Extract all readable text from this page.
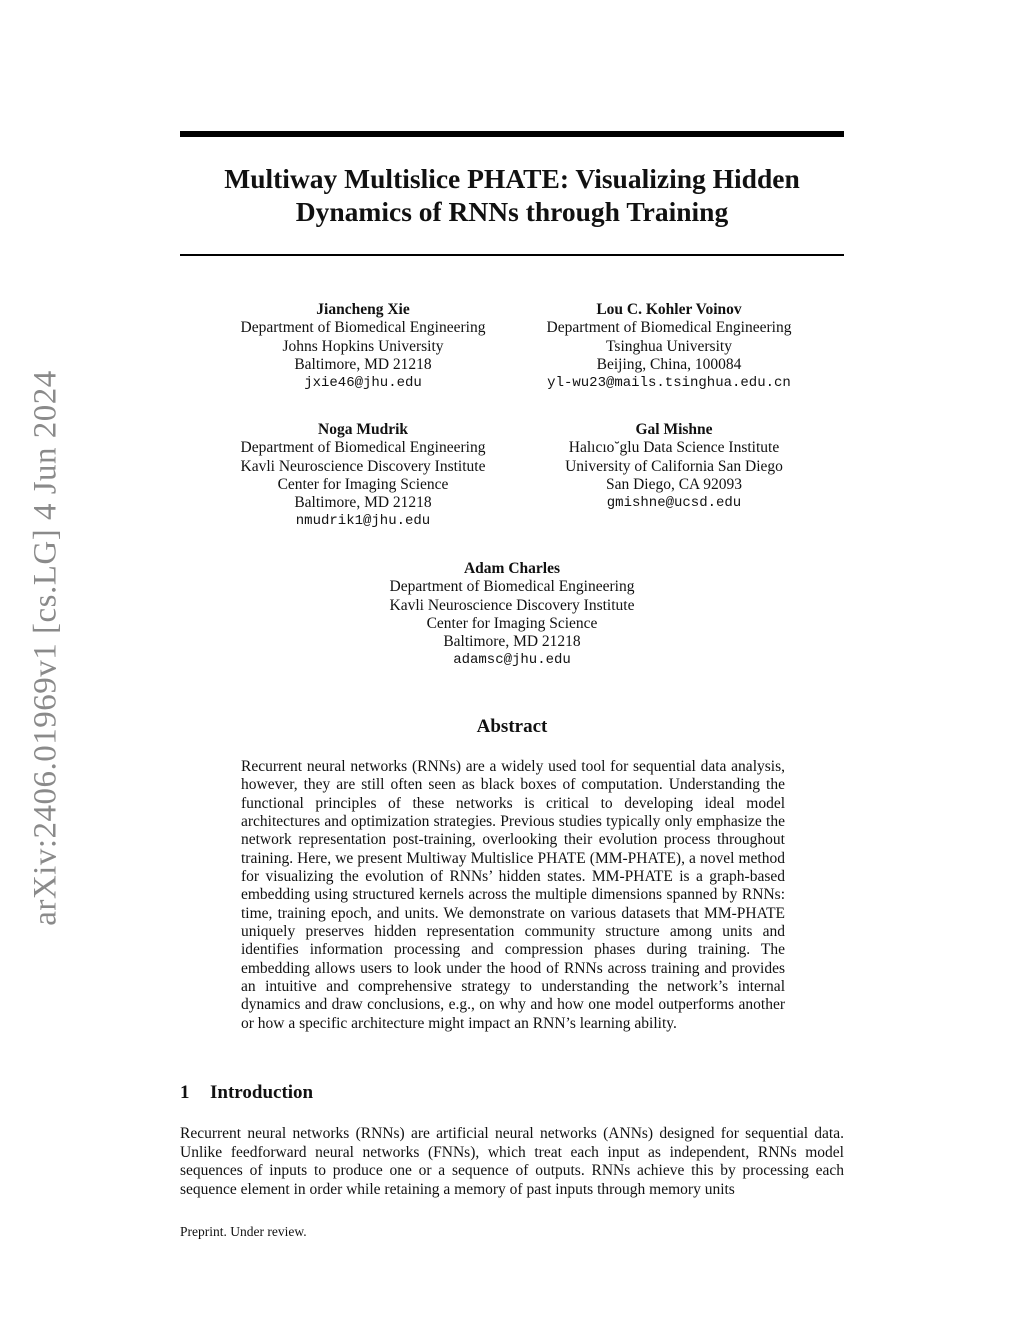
arXiv:2406.01969v1 [cs.LG] 4 Jun 2024
Multiway Multislice PHATE: Visualizing Hidden
Dynamics of RNNs through Training
Jiancheng Xie
Department of Biomedical Engineering
Johns Hopkins University
Baltimore, MD 21218
jxie46@jhu.edu
Lou C. Kohler Voinov
Department of Biomedical Engineering
Tsinghua University
Beijing, China, 100084
yl-wu23@mails.tsinghua.edu.cn
Noga Mudrik
Department of Biomedical Engineering
Kavli Neuroscience Discovery Institute
Center for Imaging Science
Baltimore, MD 21218
nmudrik1@jhu.edu
Gal Mishne
Halıcıo˘glu Data Science Institute
University of California San Diego
San Diego, CA 92093
gmishne@ucsd.edu
Adam Charles
Department of Biomedical Engineering
Kavli Neuroscience Discovery Institute
Center for Imaging Science
Baltimore, MD 21218
adamsc@jhu.edu
Abstract

Recurrent neural networks (RNNs) are a widely used tool for sequential data analysis, however, they are still often seen as black boxes of computation. Understanding the functional principles of these networks is critical to developing ideal model architectures and optimization strategies. Previous studies typically only emphasize the network representation post-training, overlooking their evolution process throughout training. Here, we present Multiway Multislice PHATE (MM-PHATE), a novel method for visualizing the evolution of RNNs’ hidden states. MM-PHATE is a graph-based embedding using structured kernels across the multiple dimensions spanned by RNNs: time, training epoch, and units. We demonstrate on various datasets that MM-PHATE uniquely preserves hidden representation community structure among units and identifies information processing and compression phases during training. The embedding allows users to look under the hood of RNNs across training and provides an intuitive and comprehensive strategy to understanding the network’s internal dynamics and draw conclusions, e.g., on why and how one model outperforms another or how a specific architecture might impact an RNN’s learning ability.

1 Introduction

Recurrent neural networks (RNNs) are artificial neural networks (ANNs) designed for sequential data. Unlike feedforward neural networks (FNNs), which treat each input as independent, RNNs model sequences of inputs to produce one or a sequence of outputs. RNNs achieve this by processing each sequence element in order while retaining a memory of past inputs through memory units

Preprint. Under review.
